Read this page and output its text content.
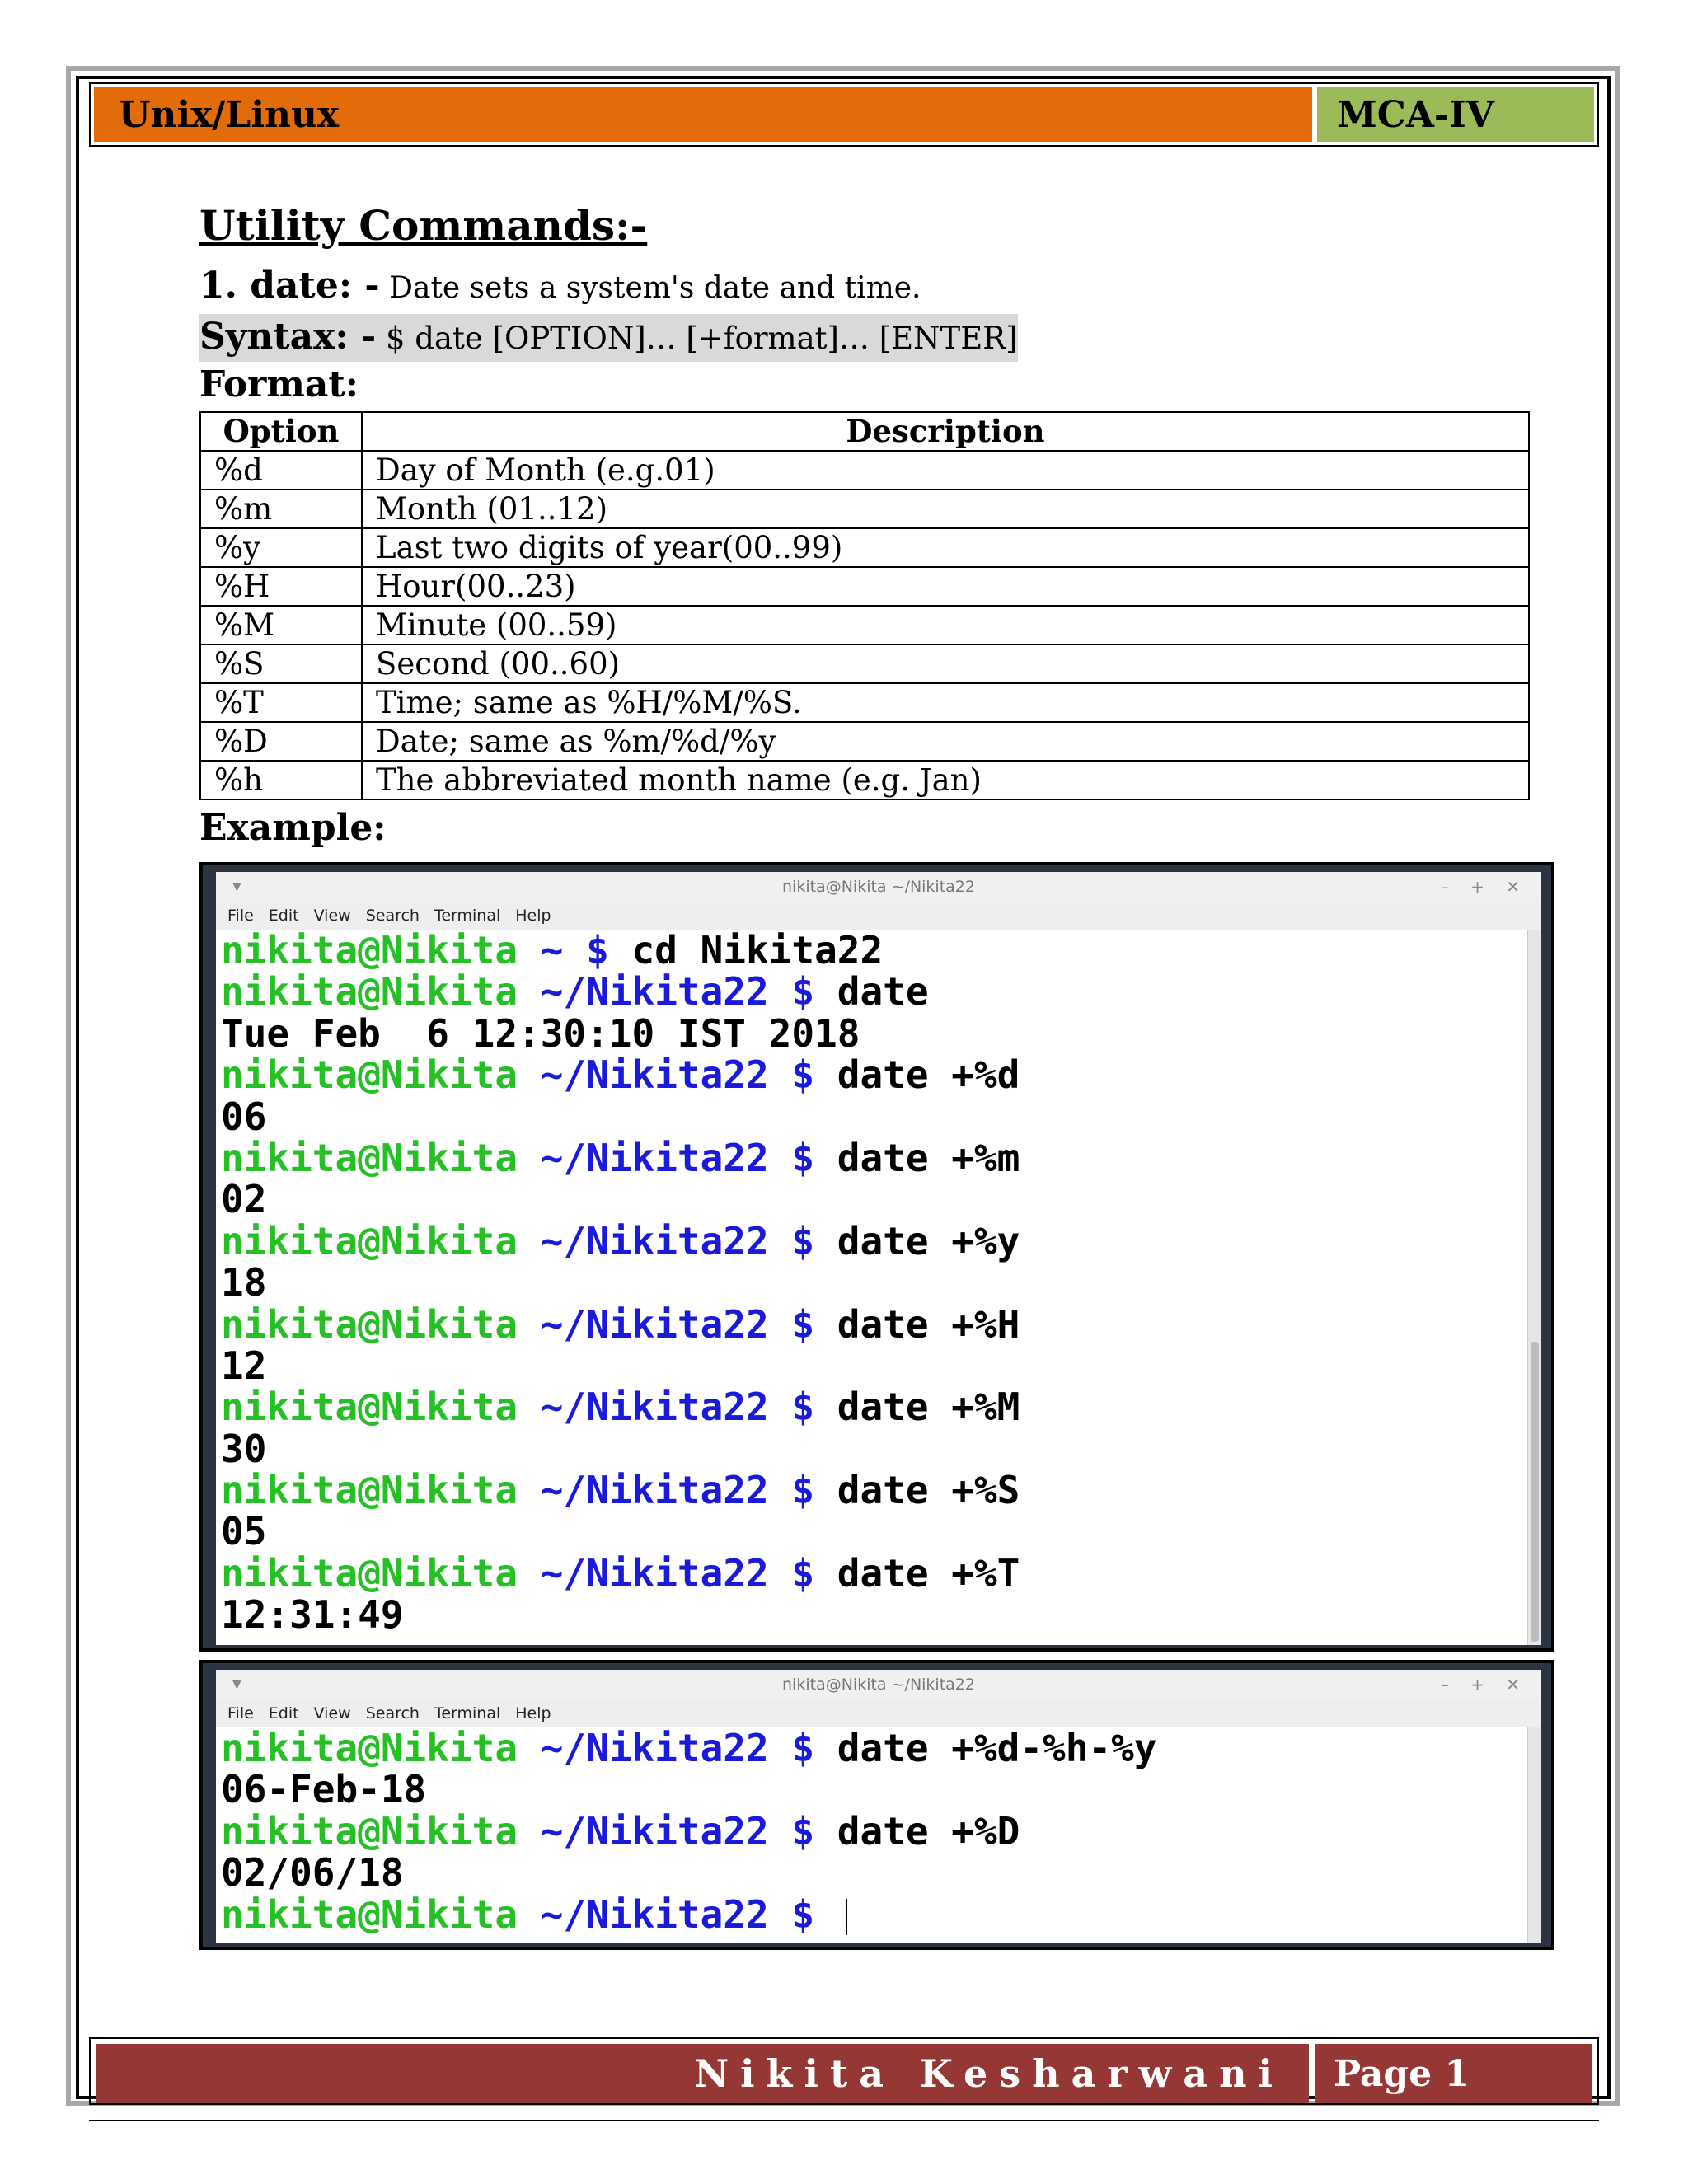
Unix/Linux	MCA-IV

Utility Commands:-

1. date: - Date sets a system's date and time.

Syntax: - $ date [OPTION]… [+format]… [ENTER]

Format:

Option	Description
%d	Day of Month (e.g.01)
%m	Month (01..12)
%y	Last two digits of year(00..99)
%H	Hour(00..23)
%M	Minute (00..59)
%S	Second (00..60)
%T	Time; same as %H/%M/%S.
%D	Date; same as %m/%d/%y
%h	The abbreviated month name (e.g. Jan)

Example:

▼	nikita@Nikita ~/Nikita22	– + ✕
File Edit View Search Terminal Help
nikita@Nikita ~ $ cd Nikita22
nikita@Nikita ~/Nikita22 $ date
Tue Feb  6 12:30:10 IST 2018
nikita@Nikita ~/Nikita22 $ date +%d
06
nikita@Nikita ~/Nikita22 $ date +%m
02
nikita@Nikita ~/Nikita22 $ date +%y
18
nikita@Nikita ~/Nikita22 $ date +%H
12
nikita@Nikita ~/Nikita22 $ date +%M
30
nikita@Nikita ~/Nikita22 $ date +%S
05
nikita@Nikita ~/Nikita22 $ date +%T
12:31:49
▼	nikita@Nikita ~/Nikita22	– + ✕
File Edit View Search Terminal Help
nikita@Nikita ~/Nikita22 $ date +%d-%h-%y
06-Feb-18
nikita@Nikita ~/Nikita22 $ date +%D
02/06/18
nikita@Nikita ~/Nikita22 $
Nikita Kesharwani	Page 1
